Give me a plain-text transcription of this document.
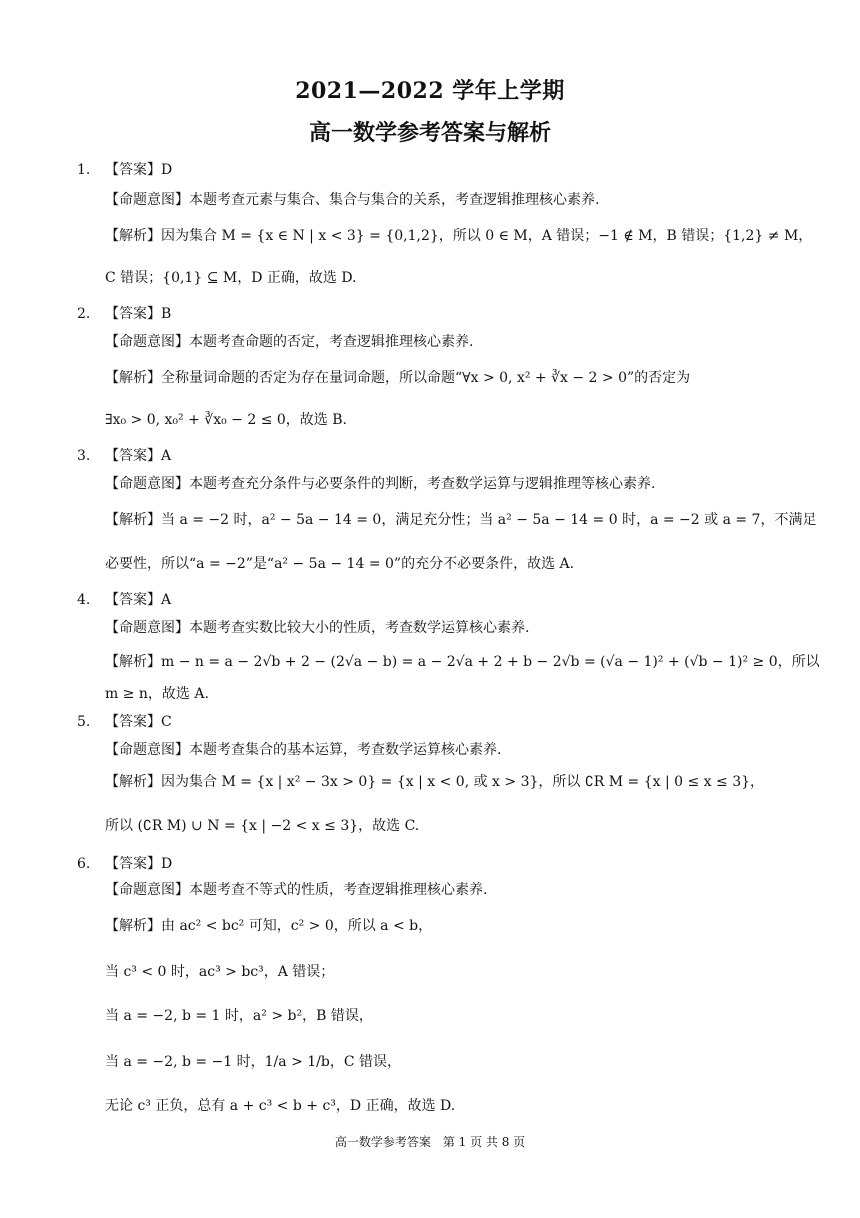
2021—2022 学年上学期
高一数学参考答案与解析
1. 【答案】D
【命题意图】本题考查元素与集合、集合与集合的关系，考查逻辑推理核心素养.
【解析】因为集合 M = {x ∈ N | x < 3} = {0,1,2}，所以 0 ∈ M，A 错误；−1 ∉ M，B 错误；{1,2} ≠ M，
C 错误；{0,1} ⊆ M，D 正确，故选 D.
2. 【答案】B
【命题意图】本题考查命题的否定，考查逻辑推理核心素养.
【解析】全称量词命题的否定为存在量词命题，所以命题“∀x > 0, x² + ∛x − 2 > 0”的否定为
∃x₀ > 0, x₀² + ∛x₀ − 2 ≤ 0，故选 B.
3. 【答案】A
【命题意图】本题考查充分条件与必要条件的判断，考查数学运算与逻辑推理等核心素养.
【解析】当 a = −2 时，a² − 5a − 14 = 0，满足充分性；当 a² − 5a − 14 = 0 时，a = −2 或 a = 7，不满足
必要性，所以“a = −2”是“a² − 5a − 14 = 0”的充分不必要条件，故选 A.
4. 【答案】A
【命题意图】本题考查实数比较大小的性质，考查数学运算核心素养.
【解析】m − n = a − 2√b + 2 − (2√a − b) = a − 2√a + 2 + b − 2√b = (√a − 1)² + (√b − 1)² ≥ 0，所以
m ≥ n，故选 A.
5. 【答案】C
【命题意图】本题考查集合的基本运算，考查数学运算核心素养.
【解析】因为集合 M = {x | x² − 3x > 0} = {x | x < 0, 或 x > 3}，所以 ∁R M = {x | 0 ≤ x ≤ 3}，
所以 (∁R M) ∪ N = {x | −2 < x ≤ 3}，故选 C.
6. 【答案】D
【命题意图】本题考查不等式的性质，考查逻辑推理核心素养.
【解析】由 ac² < bc² 可知，c² > 0，所以 a < b，
当 c³ < 0 时，ac³ > bc³，A 错误；
当 a = −2, b = 1 时，a² > b²，B 错误，
当 a = −2, b = −1 时，1/a > 1/b，C 错误，
无论 c³ 正负，总有 a + c³ < b + c³，D 正确，故选 D.
高一数学参考答案　第 1 页 共 8 页
